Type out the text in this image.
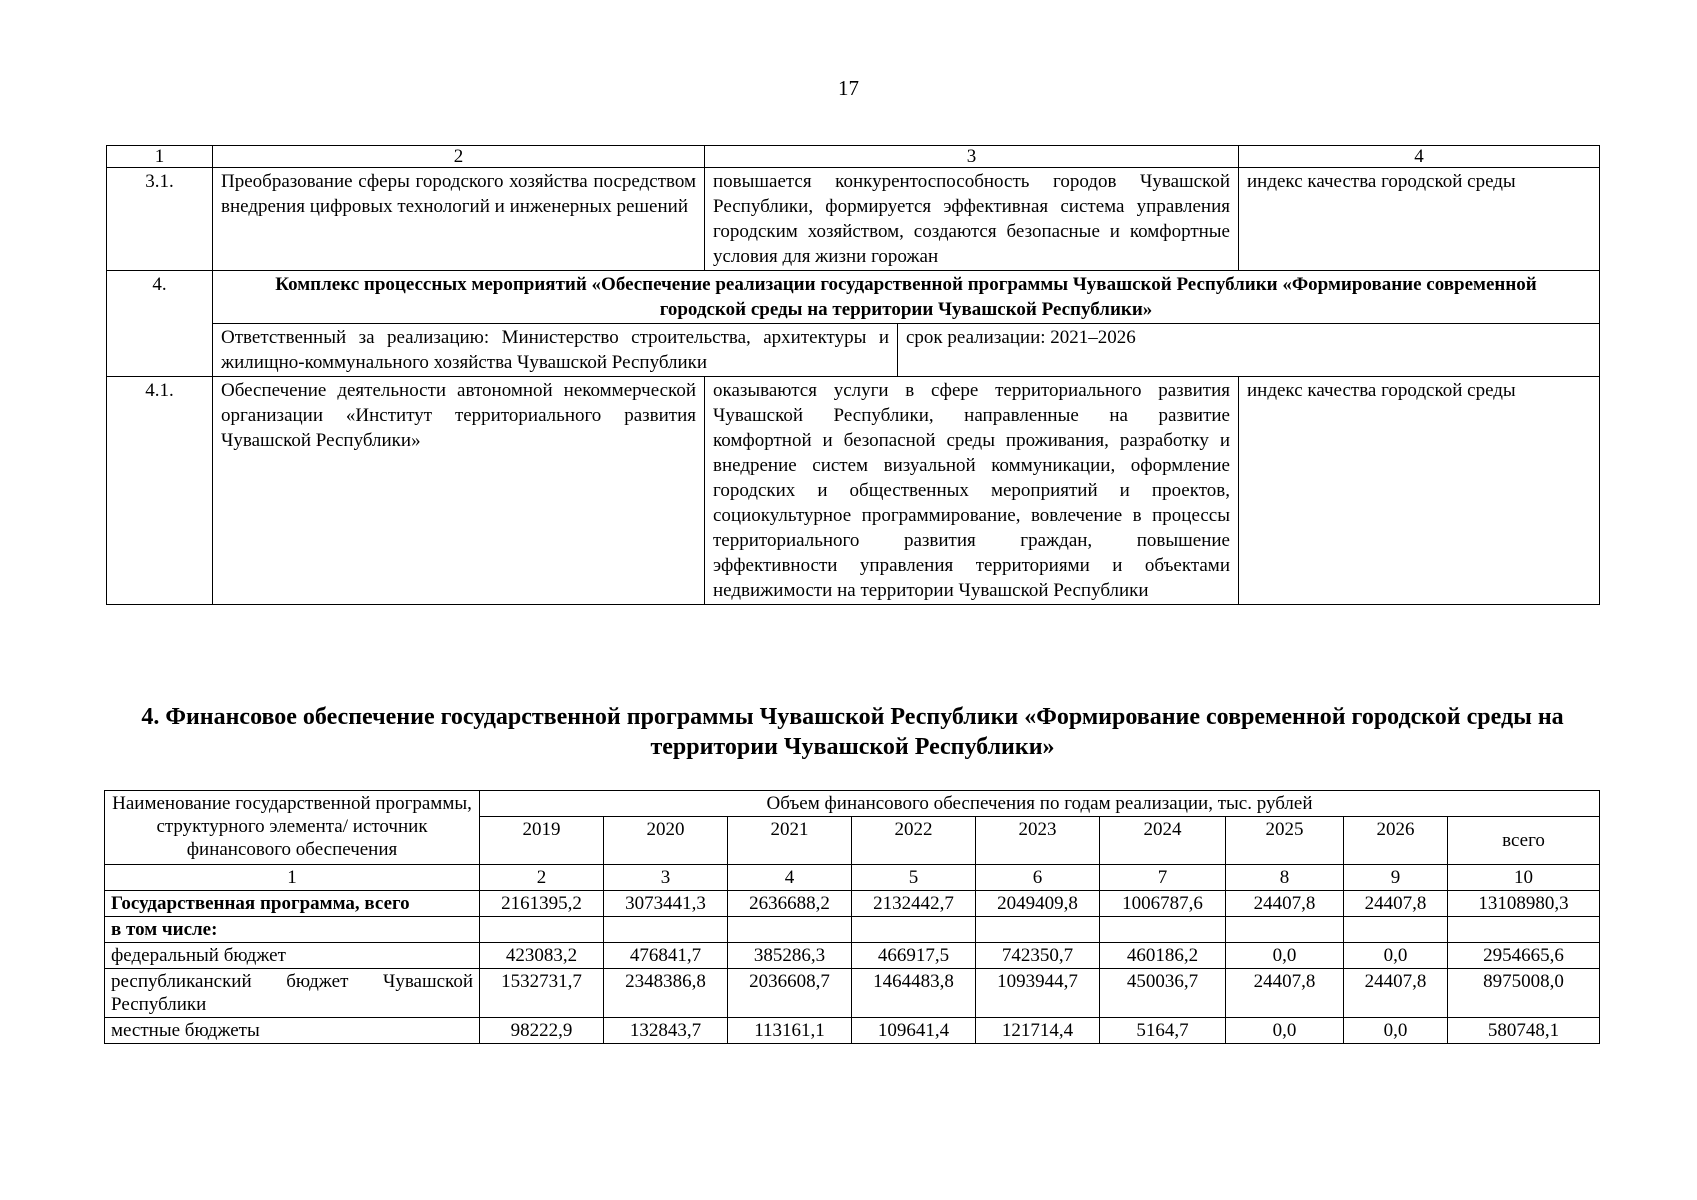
17
1	2	3		4
3.1.	Преобразование сферы городского хозяйства посредством внедрения цифровых технологий и инженерных решений	повышается конкурентоспособность городов Чувашской Республики, формируется эффективная система управления городским хозяйством, создаются безопасные и комфортные условия для жизни горожан		индекс качества городской среды
4.	Комплекс процессных мероприятий «Обеспечение реализации государственной программы Чувашской Республики «Формирование современной городской среды на территории Чувашской Республики»			
	Ответственный за реализацию: Министерство строительства, архитектуры и жилищно-коммунального хозяйства Чувашской Республики		срок реализации: 2021–2026	
4.1.	Обеспечение деятельности автономной некоммерческой организации «Институт территориального развития Чувашской Республики»	оказываются услуги в сфере территориального развития Чувашской Республики, направленные на развитие комфортной и безопасной среды проживания, разработку и внедрение систем визуальной коммуникации, оформление городских и общественных мероприятий и проектов, социокультурное программирование, вовлечение в процессы территориального развития граждан, повышение эффективности управления территориями и объектами недвижимости на территории Чувашской Республики		индекс качества городской среды
4. Финансовое обеспечение государственной программы Чувашской Республики «Формирование современной городской среды на территории Чувашской Республики»
Наименование государственной программы, структурного элемента/ источник финансового обеспечения	Объем финансового обеспечения по годам реализации, тыс. рублей								
	2019	2020	2021	2022	2023	2024	2025	2026	всего
1	2	3	4	5	6	7	8	9	10
Государственная программа, всего	2161395,2	3073441,3	2636688,2	2132442,7	2049409,8	1006787,6	24407,8	24407,8	13108980,3
в том числе:									
федеральный бюджет	423083,2	476841,7	385286,3	466917,5	742350,7	460186,2	0,0	0,0	2954665,6
республиканский бюджет Чувашской Республики	1532731,7	2348386,8	2036608,7	1464483,8	1093944,7	450036,7	24407,8	24407,8	8975008,0
местные бюджеты	98222,9	132843,7	113161,1	109641,4	121714,4	5164,7	0,0	0,0	580748,1
